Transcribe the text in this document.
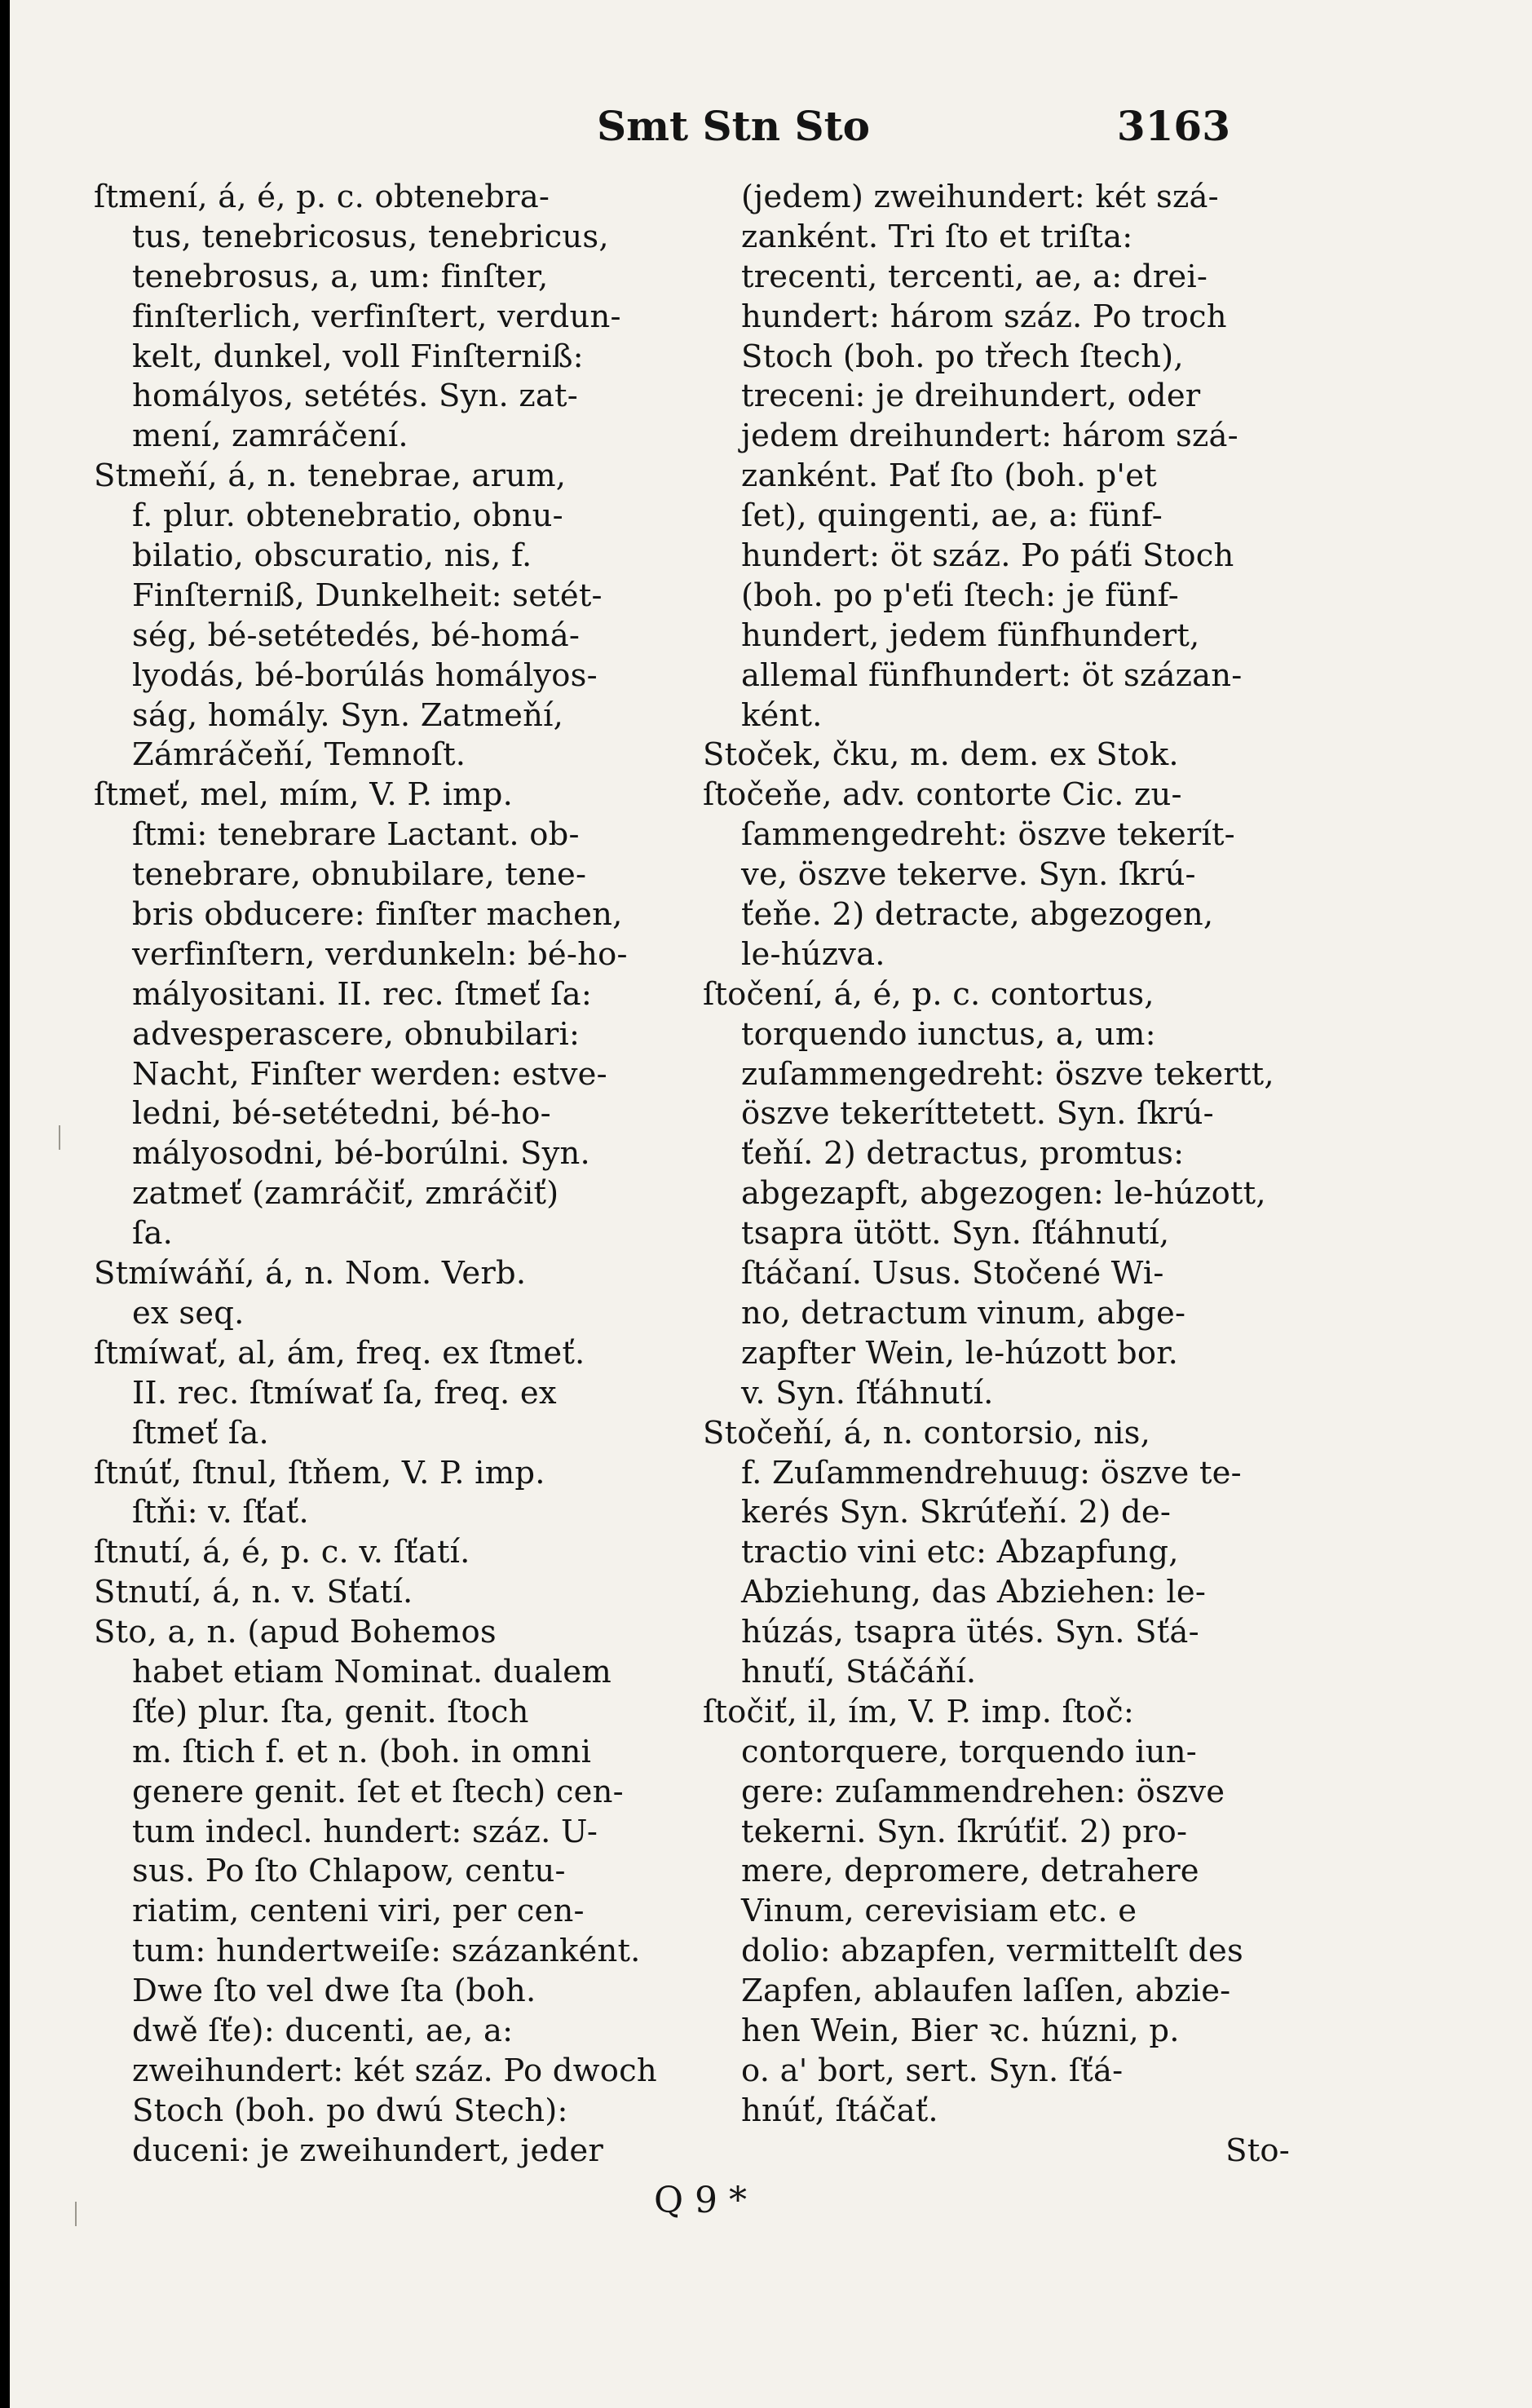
Smt Stn Sto	3163
ſtmení, á, é, p. c. obtenebra-
tus, tenebricosus, tenebricus,
tenebrosus, a, um: finſter,
finſterlich, verfinſtert, verdun-
kelt, dunkel, voll Finſterniß:
homályos, setétés. Syn. zat-
mení, zamráčení.
Stmeňí, á, n. tenebrae, arum,
f. plur. obtenebratio, obnu-
bilatio, obscuratio, nis, f.
Finſterniß, Dunkelheit: setét-
ség, bé-setétedés, bé-homá-
lyodás, bé-borúlás homályos-
ság, homály. Syn. Zatmeňí,
Zámráčeňí, Temnoſt.
ſtmeť, mel, mím, V. P. imp.
ſtmi: tenebrare Lactant. ob-
tenebrare, obnubilare, tene-
bris obducere: finſter machen,
verfinſtern, verdunkeln: bé-ho-
mályositani. II. rec. ſtmeť ſa:
advesperascere, obnubilari:
Nacht, Finſter werden: estve-
ledni, bé-setétedni, bé-ho-
mályosodni, bé-borúlni. Syn.
zatmeť (zamráčiť, zmráčiť)
ſa.
Stmíwáňí, á, n. Nom. Verb.
ex seq.
ſtmíwať, al, ám, freq. ex ſtmeť.
II. rec. ſtmíwať ſa, freq. ex
ſtmeť ſa.
ſtnúť, ſtnul, ſtňem, V. P. imp.
ſtňi: v. ſťať.
ſtnutí, á, é, p. c. v. ſťatí.
Stnutí, á, n. v. Sťatí.
Sto, a, n. (apud Bohemos
habet etiam Nominat. dualem
ſťe) plur. ſta, genit. ſtoch
m. ſtich f. et n. (boh. in omni
genere genit. ſet et ſtech) cen-
tum indecl. hundert: száz. U-
sus. Po ſto Chlapow, centu-
riatim, centeni viri, per cen-
tum: hundertweiſe: százanként.
Dwe ſto vel dwe ſta (boh.
dwě ſťe): ducenti, ae, a:
zweihundert: két száz. Po dwoch
Stoch (boh. po dwú Stech):
duceni: je zweihundert, jeder
(jedem) zweihundert: két szá-
zanként. Tri ſto et triſta:
trecenti, tercenti, ae, a: drei-
hundert: három száz. Po troch
Stoch (boh. po třech ſtech),
treceni: je dreihundert, oder
jedem dreihundert: három szá-
zanként. Pať ſto (boh. p'et
ſet), quingenti, ae, a: fünf-
hundert: öt száz. Po páťi Stoch
(boh. po p'eťi ſtech: je fünf-
hundert, jedem fünfhundert,
allemal fünfhundert: öt százan-
ként.
Stoček, čku, m. dem. ex Stok.
ſtočeňe, adv. contorte Cic. zu-
ſammengedreht: öszve tekerít-
ve, öszve tekerve. Syn. ſkrú-
ťeňe. 2) detracte, abgezogen,
le-húzva.
ſtočení, á, é, p. c. contortus,
torquendo iunctus, a, um:
zuſammengedreht: öszve tekertt,
öszve tekeríttetett. Syn. ſkrú-
ťeňí. 2) detractus, promtus:
abgezapft, abgezogen: le-húzott,
tsapra ütött. Syn. ſťáhnutí,
ſtáčaní. Usus. Stočené Wi-
no, detractum vinum, abge-
zapfter Wein, le-húzott bor.
v. Syn. ſťáhnutí.
Stočeňí, á, n. contorsio, nis,
f. Zuſammendrehuug: öszve te-
kerés Syn. Skrúťeňí. 2) de-
tractio vini etc: Abzapfung,
Abziehung, das Abziehen: le-
húzás, tsapra ütés. Syn. Sťá-
hnuťí, Stáčáňí.
ſtočiť, il, ím, V. P. imp. ſtoč:
contorquere, torquendo iun-
gere: zuſammendrehen: öszve
tekerni. Syn. ſkrúťiť. 2) pro-
mere, depromere, detrahere
Vinum, cerevisiam etc. e
dolio: abzapfen, vermittelſt des
Zapfen, ablaufen laſſen, abzie-
hen Wein, Bier ꝛc. húzni, p.
o. a' bort, sert. Syn. ſťá-
hnúť, ſtáčať.
Sto-
Q 9 *
